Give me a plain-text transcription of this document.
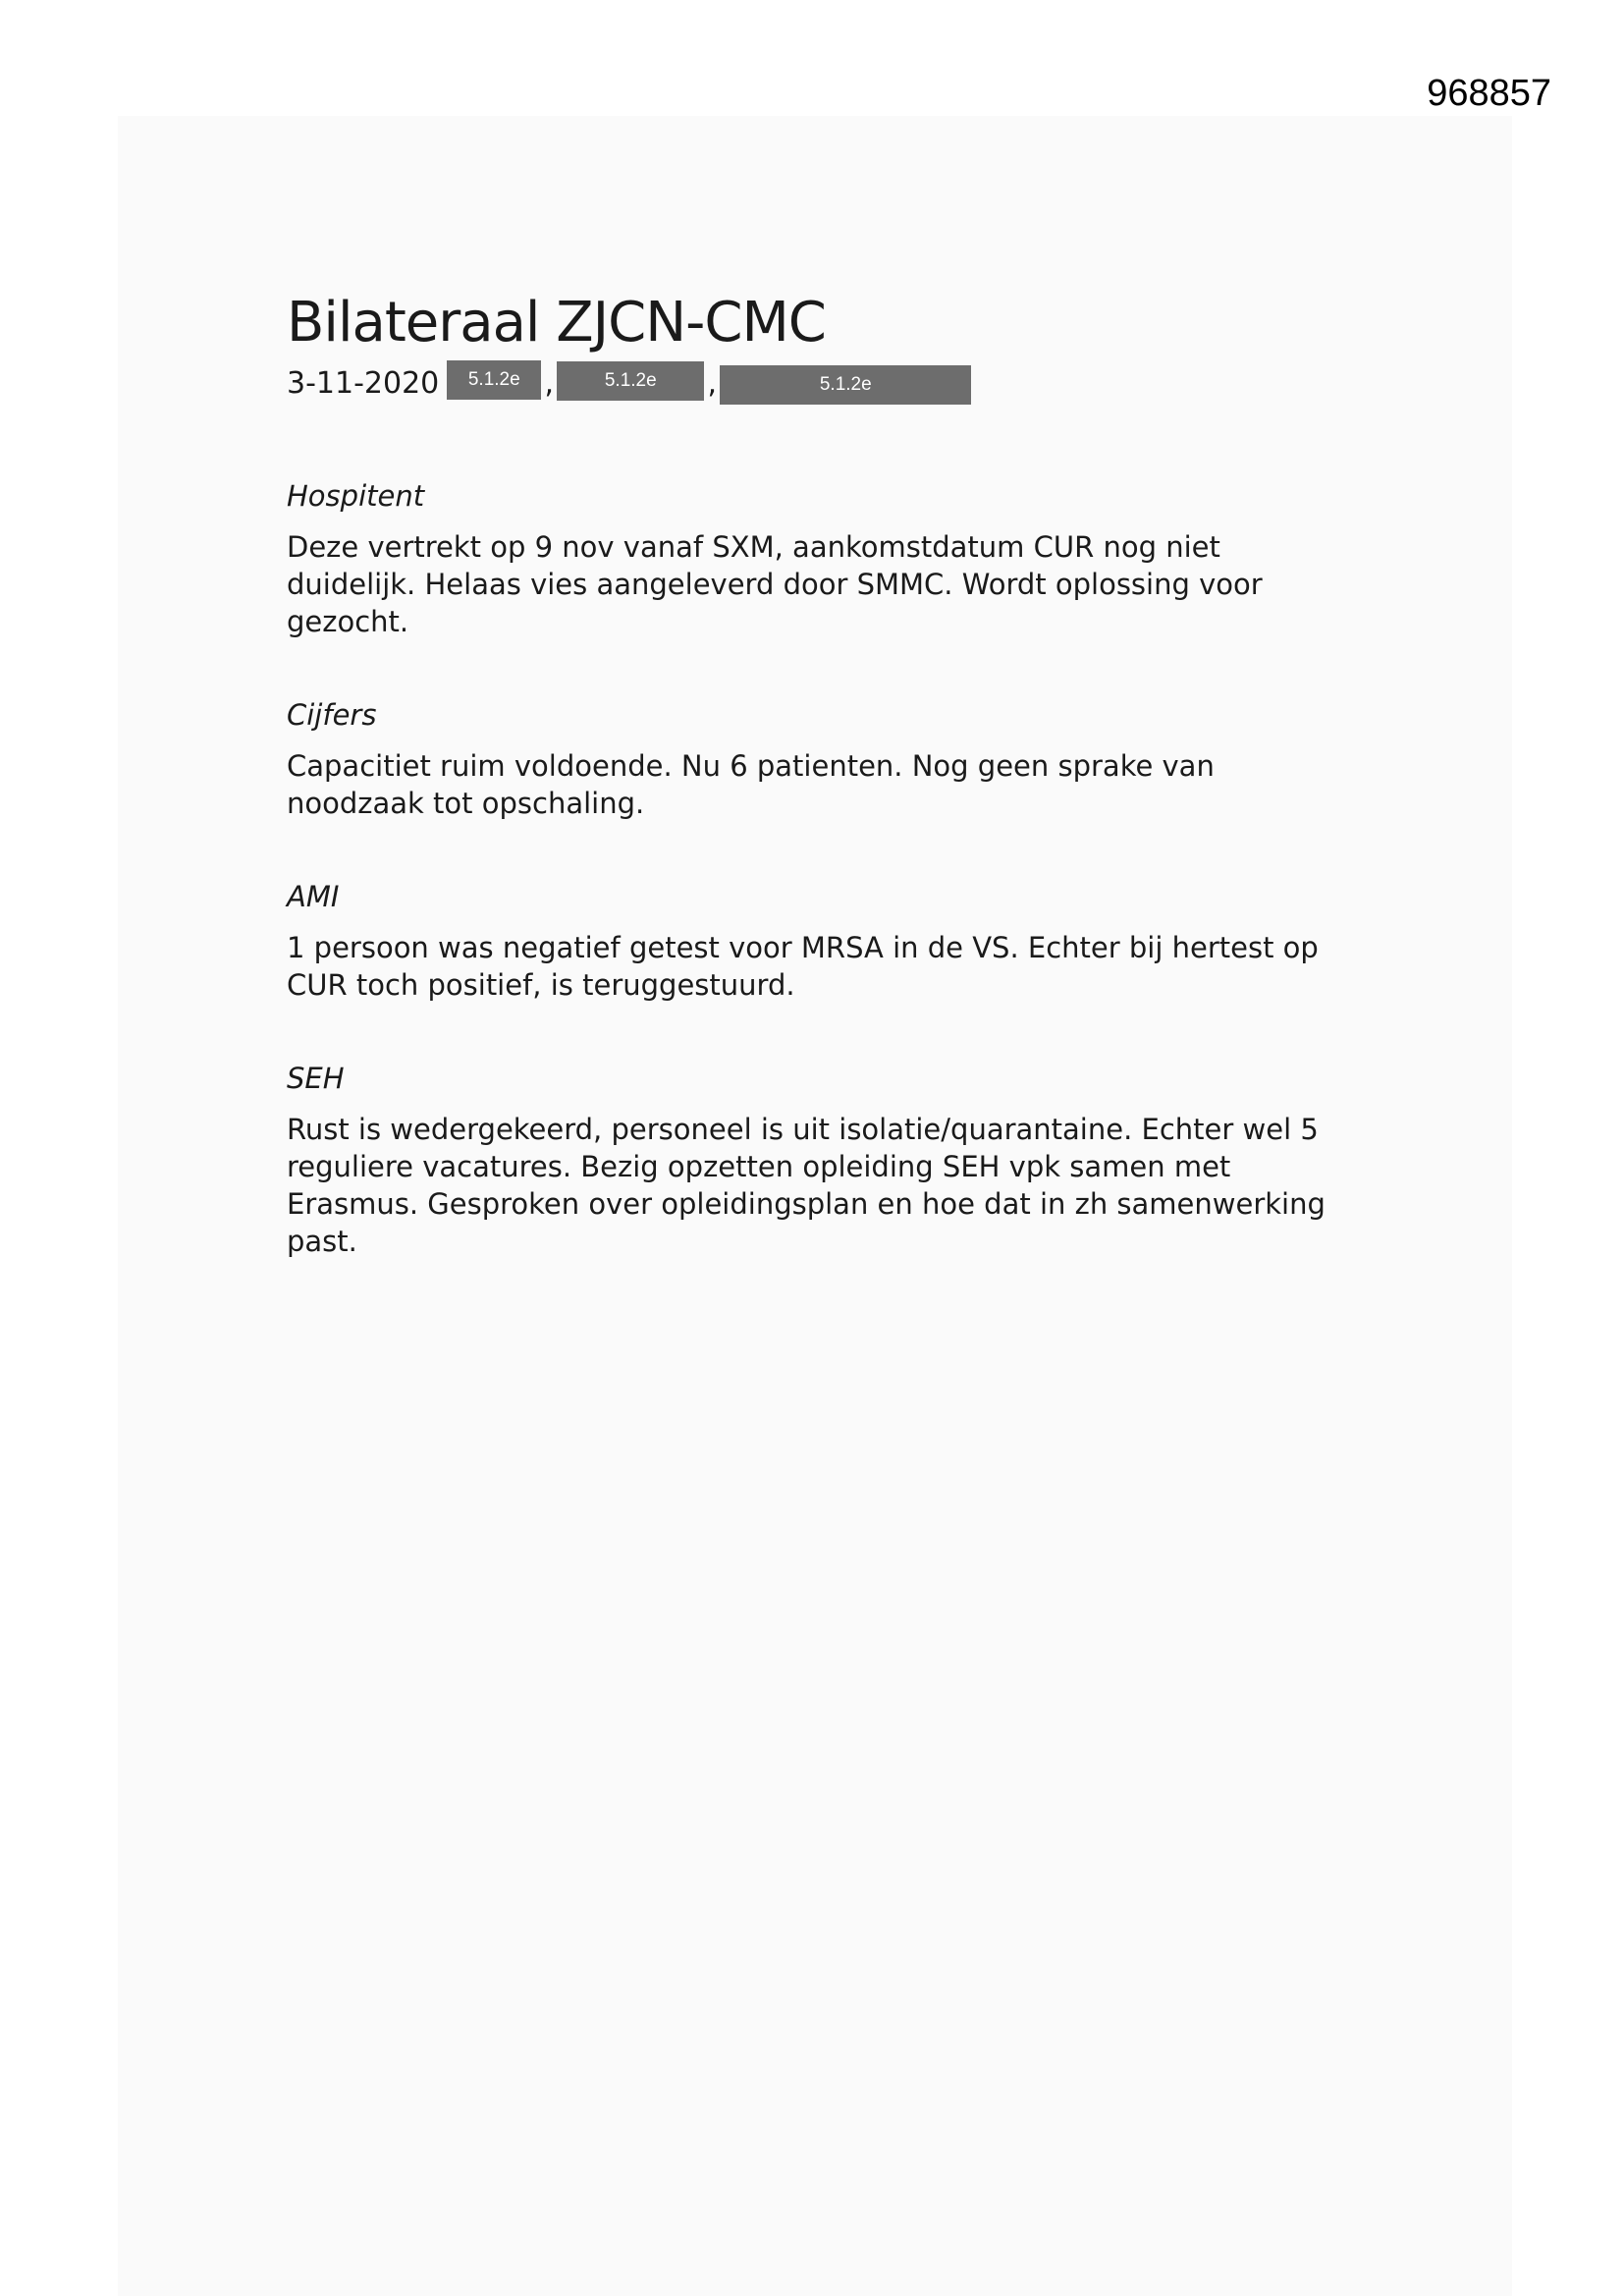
968857
Bilateraal ZJCN-CMC
3-11-2020	5.1.2e ,	5.1.2e	,	5.1.2e

Hospitent

Deze vertrekt op 9 nov vanaf SXM, aankomstdatum CUR nog niet duidelijk. Helaas vies aangeleverd door SMMC. Wordt oplossing voor gezocht.

Cijfers

Capacitiet ruim voldoende. Nu 6 patienten. Nog geen sprake van noodzaak tot opschaling.

AMI

1 persoon was negatief getest voor MRSA in de VS. Echter bij hertest op CUR toch positief, is teruggestuurd.

SEH

Rust is wedergekeerd, personeel is uit isolatie/quarantaine. Echter wel 5 reguliere vacatures. Bezig opzetten opleiding SEH vpk samen met Erasmus. Gesproken over opleidingsplan en hoe dat in zh samenwerking past.
